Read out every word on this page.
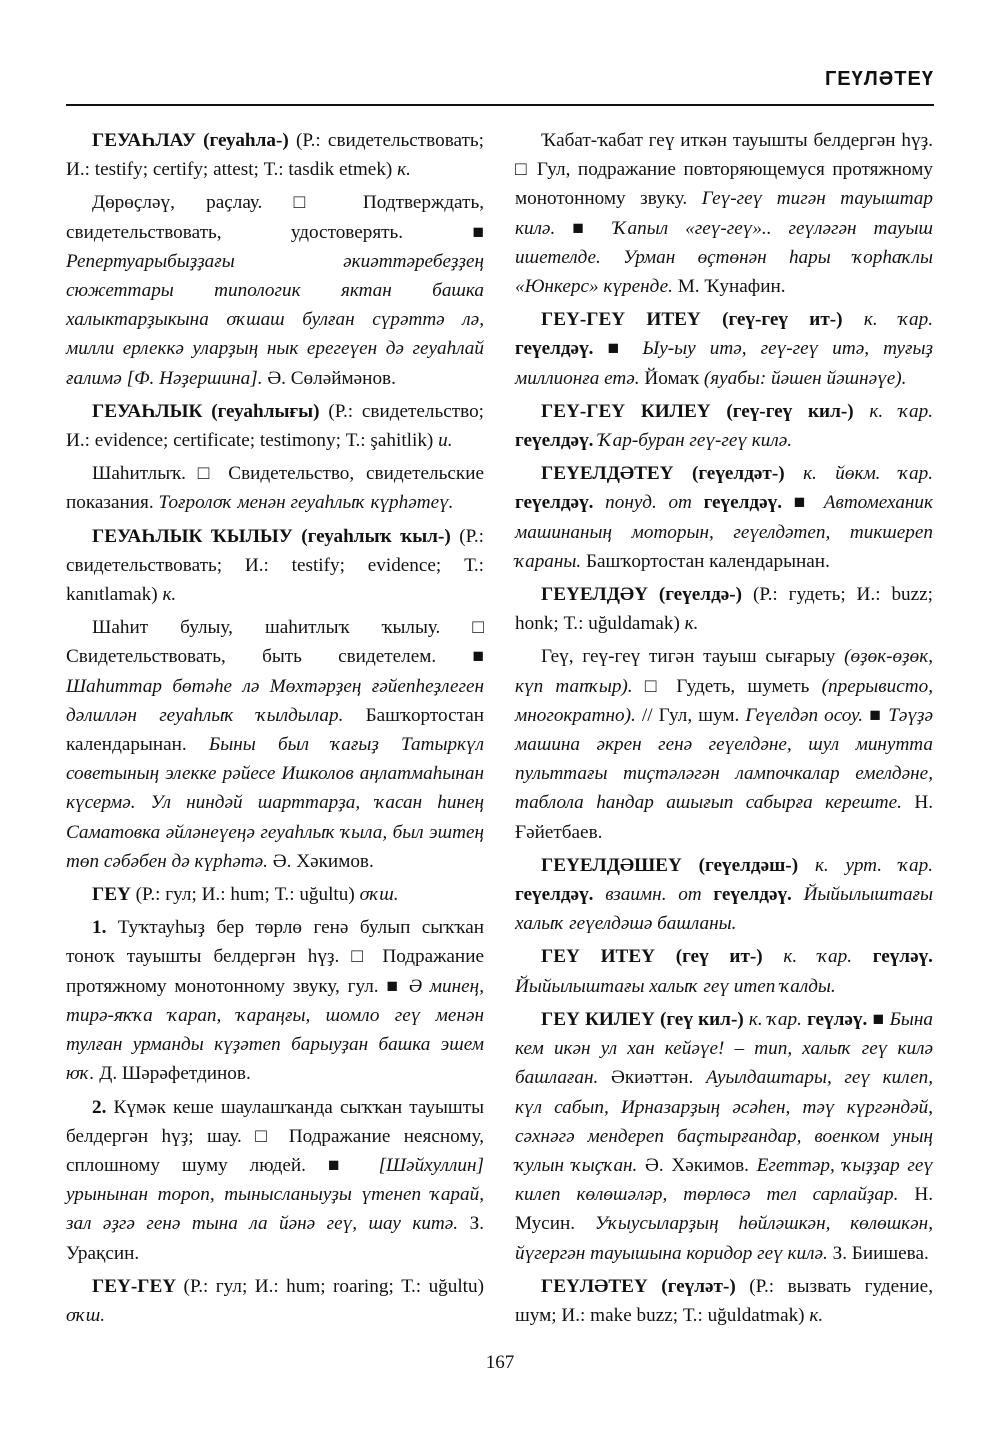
ГЕҮЛӘТЕҮ

ГЕУАҺЛАУ (геуаһла-) (Р.: свидетельствовать; И.: testify; certify; attest; Т.: tasdik etmek) к.

Дөрөҫләү, раҫлау. □ Подтверждать, свидетельствовать, удостоверять. ■ Репертуарыбыҙҙағы әкиәттәребеҙҙең сюжеттары типологик яктан башка халыктарҙыкына оҡшаш булған сүрәттә лә, милли ерлеккә уларҙың нык ерегеүен дә геуаһлай ғалимә [Ф. Нәҙершина]. Ә. Сөләймәнов.

ГЕУАҺЛЫК (геуаһлығы) (Р.: свидетельство; И.: evidence; certificate; testimony; Т.: şahitlik) и.

Шаһитлыҡ. □ Свидетельство, свидетельские показания. Тоғролоҡ менән геуаһлыҡ күрһәтеү.

ГЕУАҺЛЫК ҠЫЛЫУ (геуаһлыҡ ҡыл-) (Р.: свидетельствовать; И.: testify; evidence; Т.: kanıtlamak) к.

Шаһит булыу, шаһитлыҡ ҡылыу. □ Свидетельствовать, быть свидетелем. ■ Шаһиттар бөтәһе лә Мөхтәрҙең ғәйепһеҙлеген дәлиллән геуаһлыҡ ҡылдылар. Башҡортостан календарынан. Быны был ҡағыҙ Татыркүл советының элекке рәйесе Ишколов аңлатмаһынан күсермә. Ул ниндәй шарттарҙа, ҡасан һинең Саматовка әйләнеүеңә геуаһлыҡ ҡыла, был эштең төп сәбәбен дә күрһәтә. Ә. Хәкимов.

ГЕҮ (Р.: гул; И.: hum; Т.: uğultu) оҡш.

1. Туҡтауһыҙ бер төрлө генә булып сыҡҡан тоноҡ тауышты белдергән һүҙ. □ Подражание протяжному монотонному звуку, гул. ■ Ә минең, тирә-яҡҡа ҡарап, ҡараңғы, шомло геү менән тулған урманды күҙәтеп барыуҙан башка эшем юҡ. Д. Шәрәфетдинов.

2. Күмәк кеше шаулашҡанда сыҡҡан тауышты белдергән һүҙ; шау. □ Подражание неясному, сплошному шуму людей. ■ [Шәйхуллин] урынынан тороп, тынысланыуҙы үтенеп ҡарай, зал әҙгә генә тына ла йәнә геү, шау китә. З. Урақсин.

ГЕҮ-ГЕҮ (Р.: гул; И.: hum; roaring; Т.: uğultu) оҡш.

Ҡабат-ҡабат геү иткән тауышты белдергән һүҙ. □ Гул, подражание повторяющемуся протяжному монотонному звуку. Геү-геү тигән тауыштар килә. ■ Ҡапыл «геү-геү».. геүләгән тауыш ишетелде. Урман өҫтөнән һары ҡорһаҡлы «Юнкерс» күренде. М. Ҡунафин.

ГЕҮ-ГЕҮ ИТЕҮ (геү-геү ит-) к. ҡар. геүелдәү. ■ Ыу-ыу итә, геү-геү итә, туғыҙ миллионға етә. Йомаҡ (яуабы: йәшен йәшнәүе).

ГЕҮ-ГЕҮ КИЛЕҮ (геү-геү кил-) к. ҡар. геүелдәү. Ҡар-буран геү-геү килә.

ГЕҮЕЛДӘТЕҮ (геүелдәт-) к. йөкм. ҡар. геүелдәү. понуд. от геүелдәү. ■ Автомеханик машинаның моторын, геүелдәтеп, тикшереп ҡараны. Башҡортостан календарынан.

ГЕҮЕЛДӘҮ (геүелдә-) (Р.: гудеть; И.: buzz; honk; Т.: uğuldamak) к.

Геү, геү-геү тигән тауыш сығарыу (өҙөк-өҙөк, күп тапҡыр). □ Гудеть, шуметь (прерывисто, многократно). // Гул, шум. Геүелдәп осоу. ■ Тәүҙә машина әкрен генә геүелдәне, шул минутта пульттағы тиҫтәләгән лампочкалар емелдәне, таблола һандар ашығып сабырға кереште. Н. Ғәйетбаев.

ГЕҮЕЛДӘШЕҮ (геүелдәш-) к. урт. ҡар. геүелдәү. взаимн. от геүелдәү. Йыйылыштағы халыҡ геүелдәшә башланы.

ГЕҮ ИТЕҮ (геү ит-) к. ҡар. геүләү. Йыйылыштағы халыҡ геү итеп ҡалды.

ГЕҮ КИЛЕҮ (геү кил-) к. ҡар. геүләү. ■ Бына кем икән ул хан кейәүе! – тип, халыҡ геү килә башлаған. Әкиәттән. Ауылдаштары, геү килеп, күл сабып, Ирназарҙың әсәһен, тәү күргәндәй, сәхнәгә мендереп баҫтырғандар, военком уның ҡулын ҡыҫҡан. Ә. Хәкимов. Егеттәр, ҡыҙҙар геү килеп көлөшәләр, төрлөсә тел сарлайҙар. Н. Мусин. Уҡыусыларҙың һөйләшкән, көлөшкән, йүгергән тауышына коридор геү килә. З. Биишева.

ГЕҮЛӘТЕҮ (геүләт-) (Р.: вызвать гудение, шум; И.: make buzz; Т.: uğuldatmak) к.

167
